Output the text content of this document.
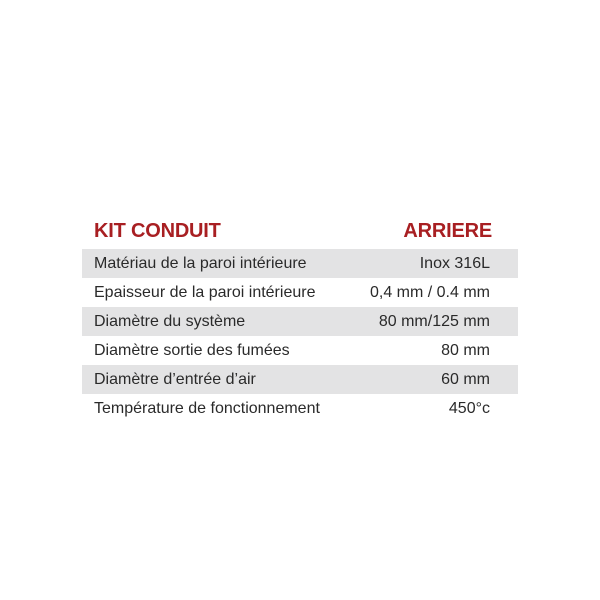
KIT CONDUIT	ARRIERE
Matériau de la paroi intérieure	Inox 316L
Epaisseur de la paroi intérieure	0,4 mm / 0.4 mm
Diamètre du système	80 mm/125 mm
Diamètre sortie des fumées	80 mm
Diamètre d’entrée d’air	60 mm
Température de fonctionnement	450°c
